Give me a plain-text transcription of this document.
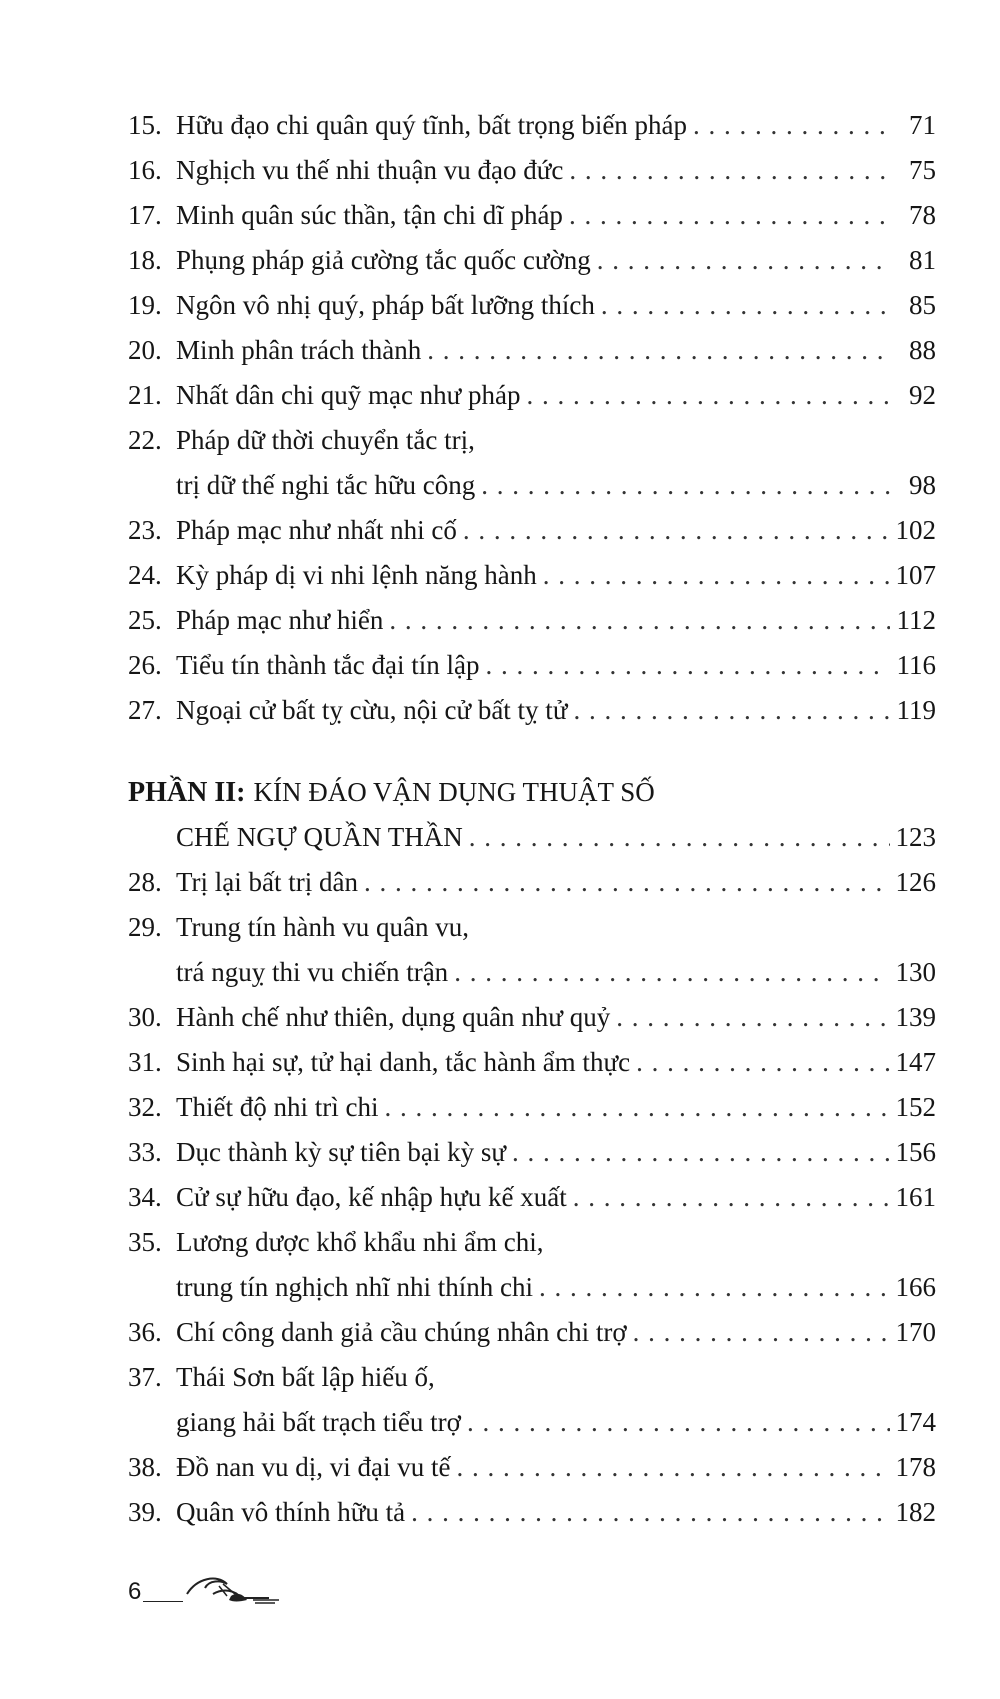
15. Hữu đạo chi quân quý tĩnh, bất trọng biến pháp . . .	71
16. Nghịch vu thế nhi thuận vu đạo đức . . .	75
17. Minh quân súc thần, tận chi dĩ pháp . . .	78
18. Phụng pháp giả cường tắc quốc cường . . .	81
19. Ngôn vô nhị quý, pháp bất lưỡng thích . . .	85
20. Minh phân trách thành . . .	88
21. Nhất dân chi quỹ mạc như pháp . . .	92
22. Pháp dữ thời chuyển tắc trị,
trị dữ thế nghi tắc hữu công . . .	98
23. Pháp mạc như nhất nhi cố . . .	102
24. Kỳ pháp dị vi nhi lệnh năng hành . . .	107
25. Pháp mạc như hiển . . .	112
26. Tiểu tín thành tắc đại tín lập . . .	116
27. Ngoại cử bất tỵ cừu, nội cử bất tỵ tử . . .	119
PHẦN II: KÍN ĐÁO VẬN DỤNG THUẬT SỐ
CHẾ NGỰ QUẦN THẦN . . .	123
28. Trị lại bất trị dân . . .	126
29. Trung tín hành vu quân vu,
trá nguỵ thi vu chiến trận . . .	130
30. Hành chế như thiên, dụng quân như quỷ . . .	139
31. Sinh hại sự, tử hại danh, tắc hành ẩm thực . . .	147
32. Thiết độ nhi trì chi . . .	152
33. Dục thành kỳ sự tiên bại kỳ sự . . .	156
34. Cử sự hữu đạo, kế nhập hựu kế xuất . . .	161
35. Lương dược khổ khẩu nhi ẩm chi,
trung tín nghịch nhĩ nhi thính chi . . .	166
36. Chí công danh giả cầu chúng nhân chi trợ . . .	170
37. Thái Sơn bất lập hiếu ố,
giang hải bất trạch tiểu trợ . . .	174
38. Đồ nan vu dị, vi đại vu tế . . .	178
39. Quân vô thính hữu tả . . .	182
6
